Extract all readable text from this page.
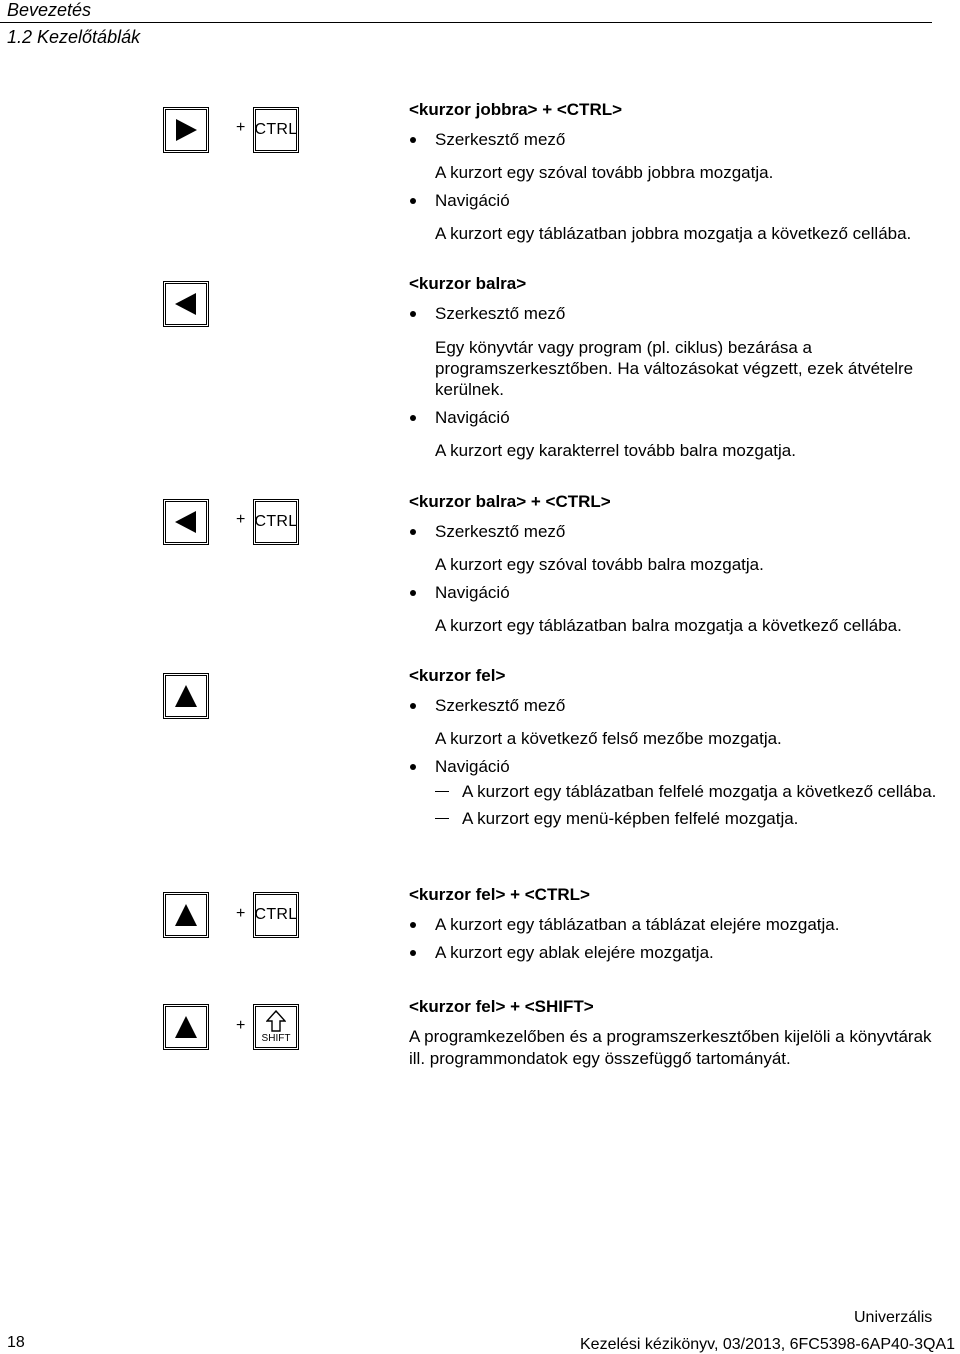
Bevezetés
1.2 Kezelőtáblák
+ CTRL
+ CTRL
+ CTRL
+
SHIFT
<kurzor jobbra> + <CTRL>
Szerkesztő mező
A kurzort egy szóval tovább jobbra mozgatja.
Navigáció
A kurzort egy táblázatban jobbra mozgatja a következő cellába.
<kurzor balra>
Szerkesztő mező
Egy könyvtár vagy program (pl. ciklus) bezárása a programszerkesztőben. Ha változásokat végzett, ezek átvételre kerülnek.
Navigáció
A kurzort egy karakterrel tovább balra mozgatja.
<kurzor balra> + <CTRL>
Szerkesztő mező
A kurzort egy szóval tovább balra mozgatja.
Navigáció
A kurzort egy táblázatban balra mozgatja a következő cellába.
<kurzor fel>
Szerkesztő mező
A kurzort a következő felső mezőbe mozgatja.
Navigáció
A kurzort egy táblázatban felfelé mozgatja a következő cellába.
A kurzort egy menü-képben felfelé mozgatja.
<kurzor fel> + <CTRL>
A kurzort egy táblázatban a táblázat elejére mozgatja.
A kurzort egy ablak elejére mozgatja.
<kurzor fel> + <SHIFT>
A programkezelőben és a programszerkesztőben kijelöli a könyvtárak ill. programmondatok egy összefüggő tartományát.
Univerzális
18	Kezelési kézikönyv, 03/2013, 6FC5398-6AP40-3QA1
